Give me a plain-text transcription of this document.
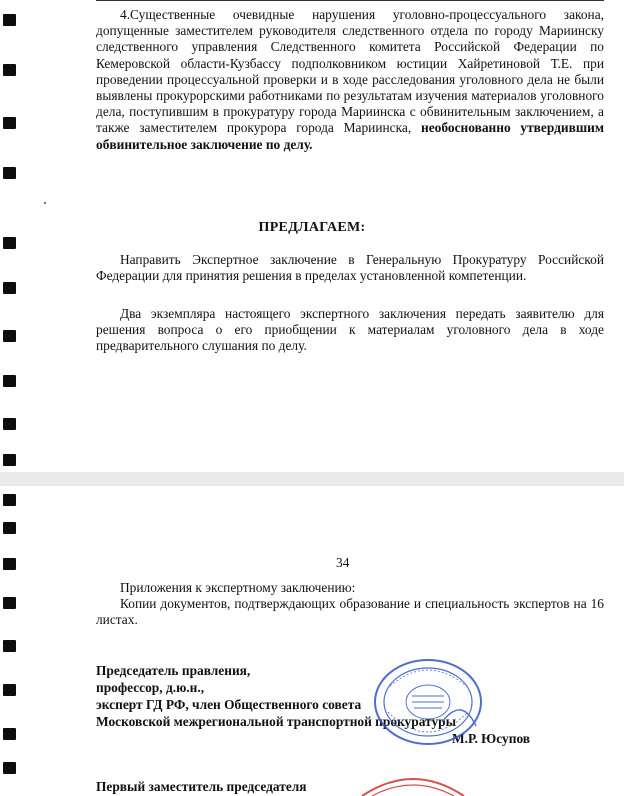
4.Существенные очевидные нарушения уголовно-процессуального закона, допущенные заместителем руководителя следственного отдела по городу Мариинску следственного управления Следственного комитета Российской Федерации по Кемеровской области-Кузбассу подполковником юстиции Хайретиновой Т.Е. при проведении процессуальной проверки и в ходе расследования уголовного дела не были выявлены прокурорскими работниками по результатам изучения материалов уголовного дела, поступившим в прокуратуру города Мариинска с обвинительным заключением, а также заместителем прокурора города Мариинска, необоснованно утвердившим обвинительное заключение по делу.
ПРЕДЛАГАЕМ:
Направить Экспертное заключение в Генеральную Прокуратуру Российской Федерации для принятия решения в пределах установленной компетенции.
Два экземпляра настоящего экспертного заключения передать заявителю для решения вопроса о его приобщении к материалам уголовного дела в ходе предварительного слушания по делу.
34
Приложения к экспертному заключению:
Копии документов, подтверждающих образование и специальность экспертов на 16 листах.
Председатель правления,
профессор, д.ю.н.,
эксперт ГД РФ, член Общественного совета
Московской межрегиональной транспортной прокуратуры
М.Р. Юсупов
Первый заместитель председателя
